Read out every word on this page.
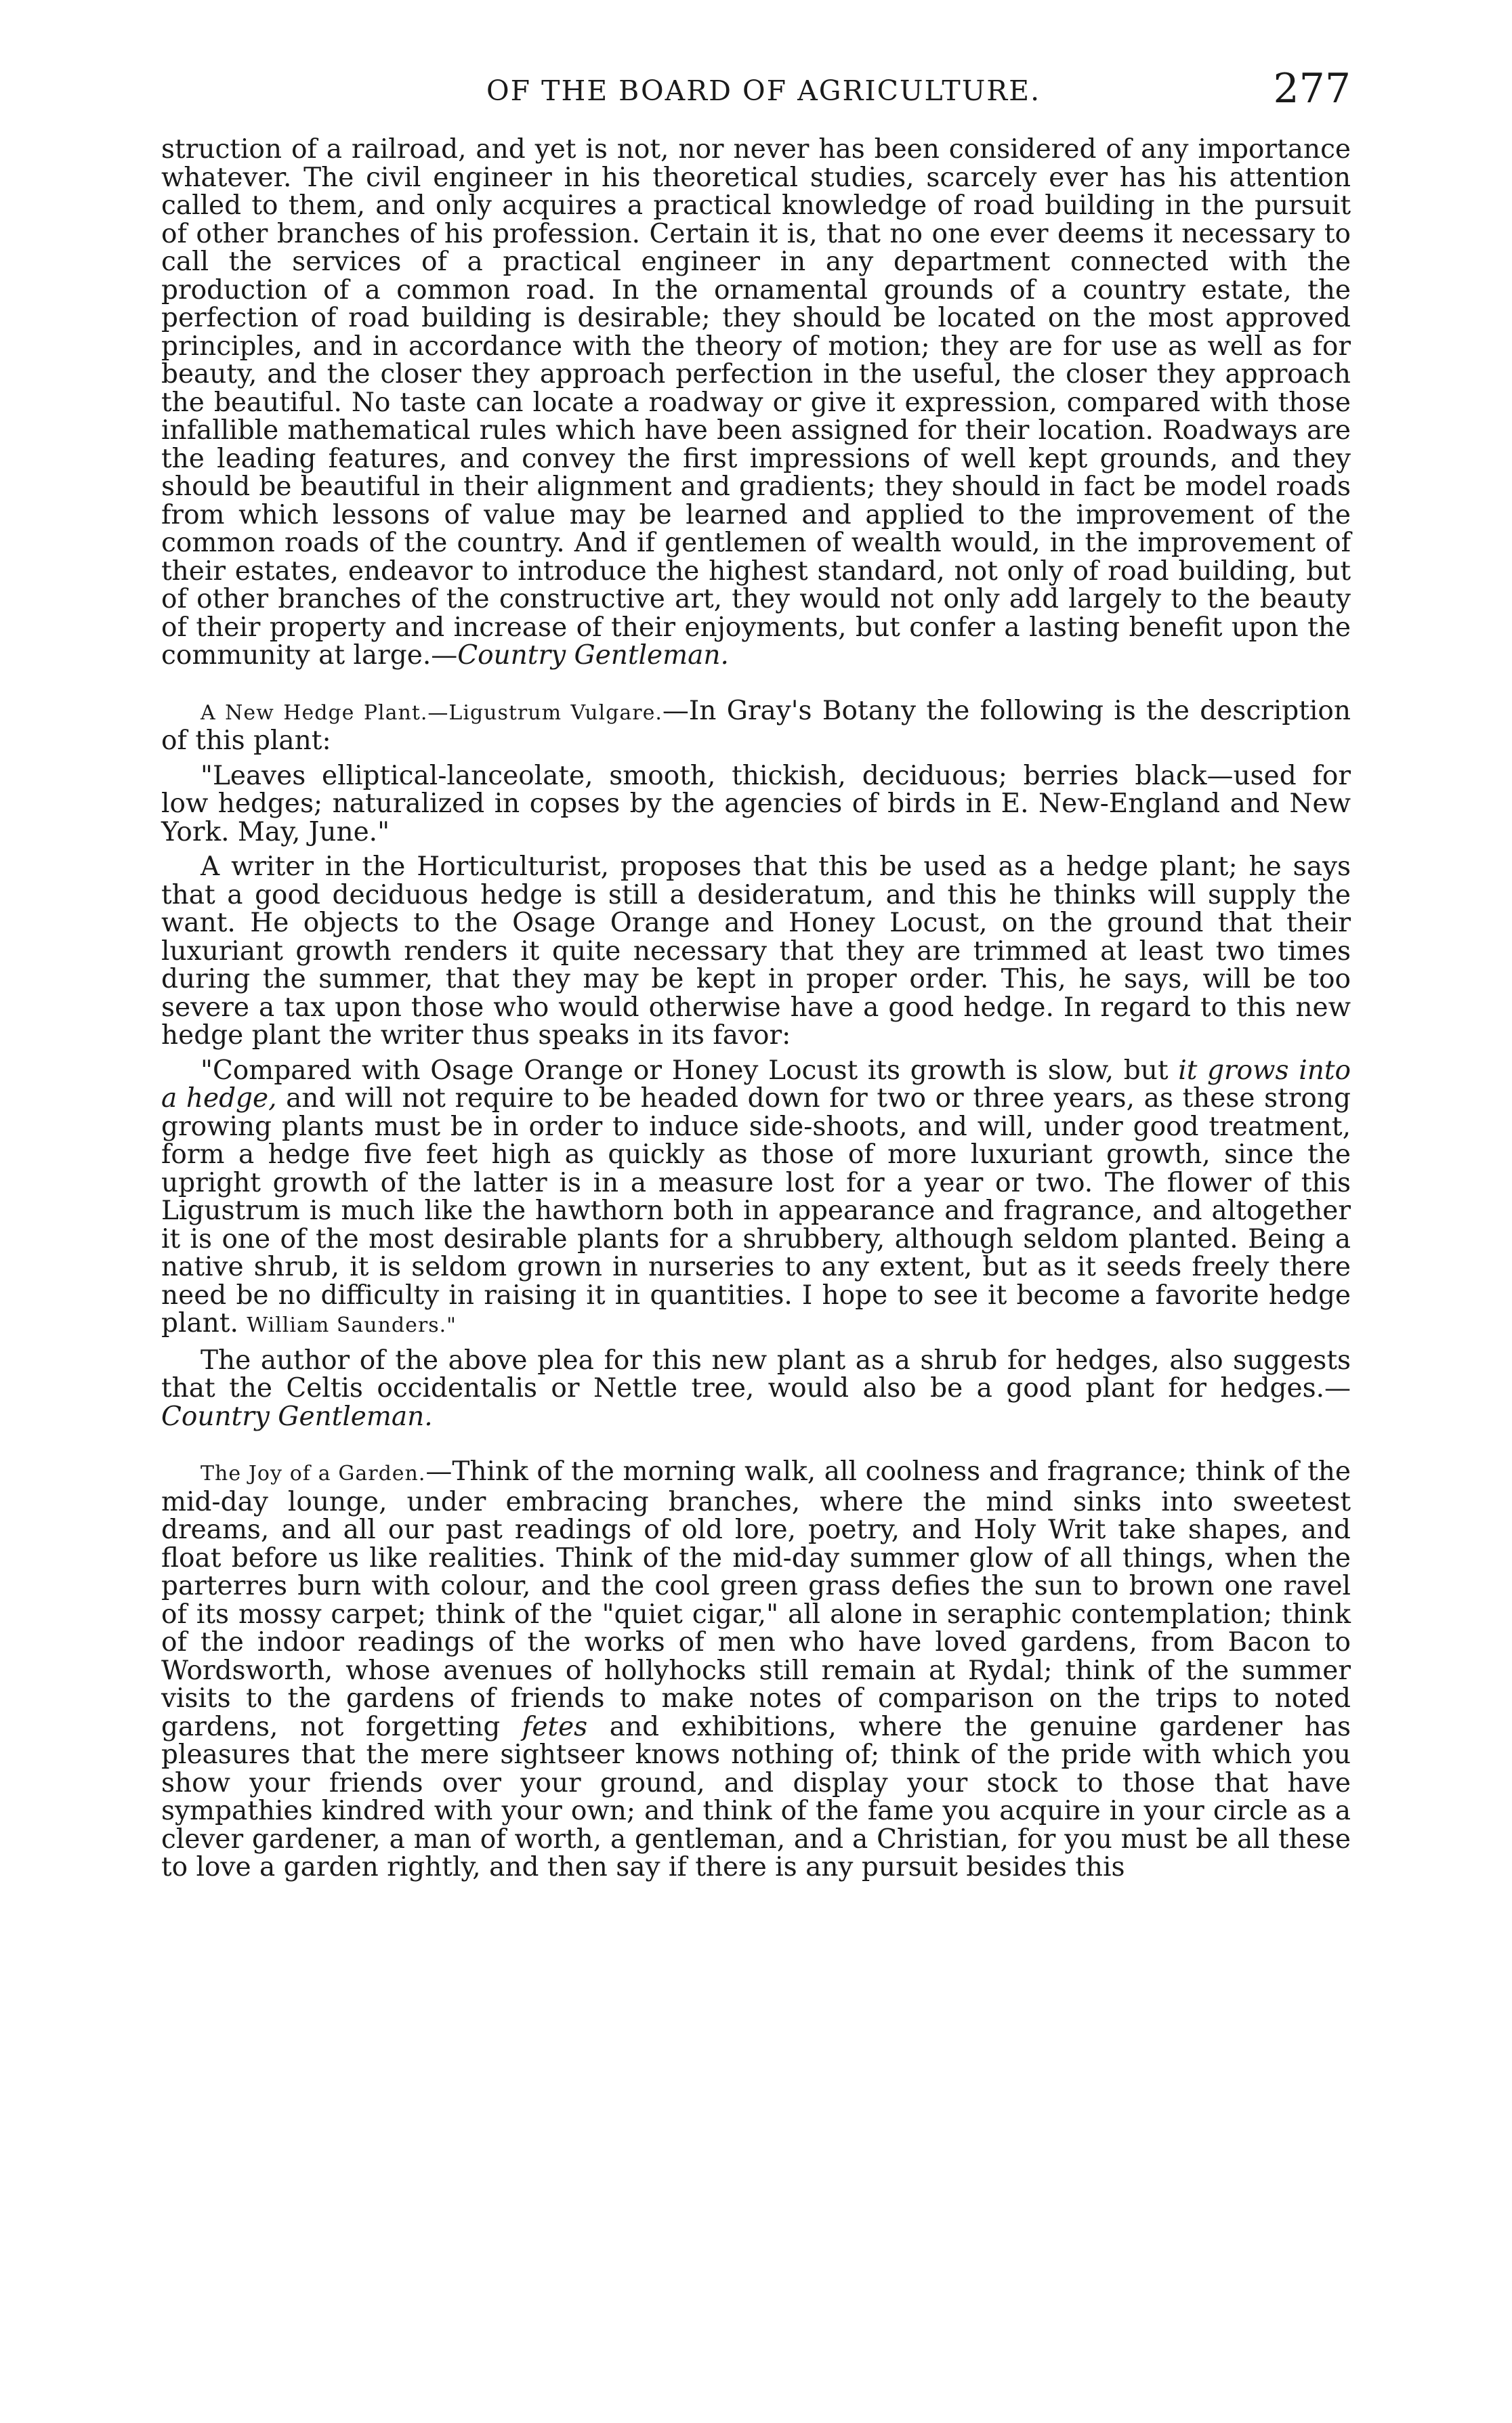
OF THE BOARD OF AGRICULTURE.	277

struction of a railroad, and yet is not, nor never has been considered of any importance whatever. The civil engineer in his theoretical studies, scarcely ever has his attention called to them, and only acquires a practical knowledge of road building in the pursuit of other branches of his profession. Certain it is, that no one ever deems it necessary to call the services of a practical engineer in any department connected with the production of a common road. In the ornamental grounds of a country estate, the perfection of road building is desirable; they should be located on the most approved principles, and in accordance with the theory of motion; they are for use as well as for beauty, and the closer they approach perfection in the useful, the closer they approach the beautiful. No taste can locate a roadway or give it expression, compared with those infallible mathematical rules which have been assigned for their location. Roadways are the leading features, and convey the first impressions of well kept grounds, and they should be beautiful in their alignment and gradients; they should in fact be model roads from which lessons of value may be learned and applied to the improvement of the common roads of the country. And if gentlemen of wealth would, in the improvement of their estates, endeavor to introduce the highest standard, not only of road building, but of other branches of the constructive art, they would not only add largely to the beauty of their property and increase of their enjoyments, but confer a lasting benefit upon the community at large.—Country Gentleman.

A New Hedge Plant.—Ligustrum Vulgare.—In Gray's Botany the following is the description of this plant:

"Leaves elliptical-lanceolate, smooth, thickish, deciduous; berries black—used for low hedges; naturalized in copses by the agencies of birds in E. New-England and New York. May, June."

A writer in the Horticulturist, proposes that this be used as a hedge plant; he says that a good deciduous hedge is still a desideratum, and this he thinks will supply the want. He objects to the Osage Orange and Honey Locust, on the ground that their luxuriant growth renders it quite necessary that they are trimmed at least two times during the summer, that they may be kept in proper order. This, he says, will be too severe a tax upon those who would otherwise have a good hedge. In regard to this new hedge plant the writer thus speaks in its favor:

"Compared with Osage Orange or Honey Locust its growth is slow, but it grows into a hedge, and will not require to be headed down for two or three years, as these strong growing plants must be in order to induce side-shoots, and will, under good treatment, form a hedge five feet high as quickly as those of more luxuriant growth, since the upright growth of the latter is in a measure lost for a year or two. The flower of this Ligustrum is much like the hawthorn both in appearance and fragrance, and altogether it is one of the most desirable plants for a shrubbery, although seldom planted. Being a native shrub, it is seldom grown in nurseries to any extent, but as it seeds freely there need be no difficulty in raising it in quantities. I hope to see it become a favorite hedge plant. William Saunders."

The author of the above plea for this new plant as a shrub for hedges, also suggests that the Celtis occidentalis or Nettle tree, would also be a good plant for hedges.—Country Gentleman.

The Joy of a Garden.—Think of the morning walk, all coolness and fragrance; think of the mid-day lounge, under embracing branches, where the mind sinks into sweetest dreams, and all our past readings of old lore, poetry, and Holy Writ take shapes, and float before us like realities. Think of the mid-day summer glow of all things, when the parterres burn with colour, and the cool green grass defies the sun to brown one ravel of its mossy carpet; think of the "quiet cigar," all alone in seraphic contemplation; think of the indoor readings of the works of men who have loved gardens, from Bacon to Wordsworth, whose avenues of hollyhocks still remain at Rydal; think of the summer visits to the gardens of friends to make notes of comparison on the trips to noted gardens, not forgetting fetes and exhibitions, where the genuine gardener has pleasures that the mere sightseer knows nothing of; think of the pride with which you show your friends over your ground, and display your stock to those that have sympathies kindred with your own; and think of the fame you acquire in your circle as a clever gardener, a man of worth, a gentleman, and a Christian, for you must be all these to love a garden rightly, and then say if there is any pursuit besides this
